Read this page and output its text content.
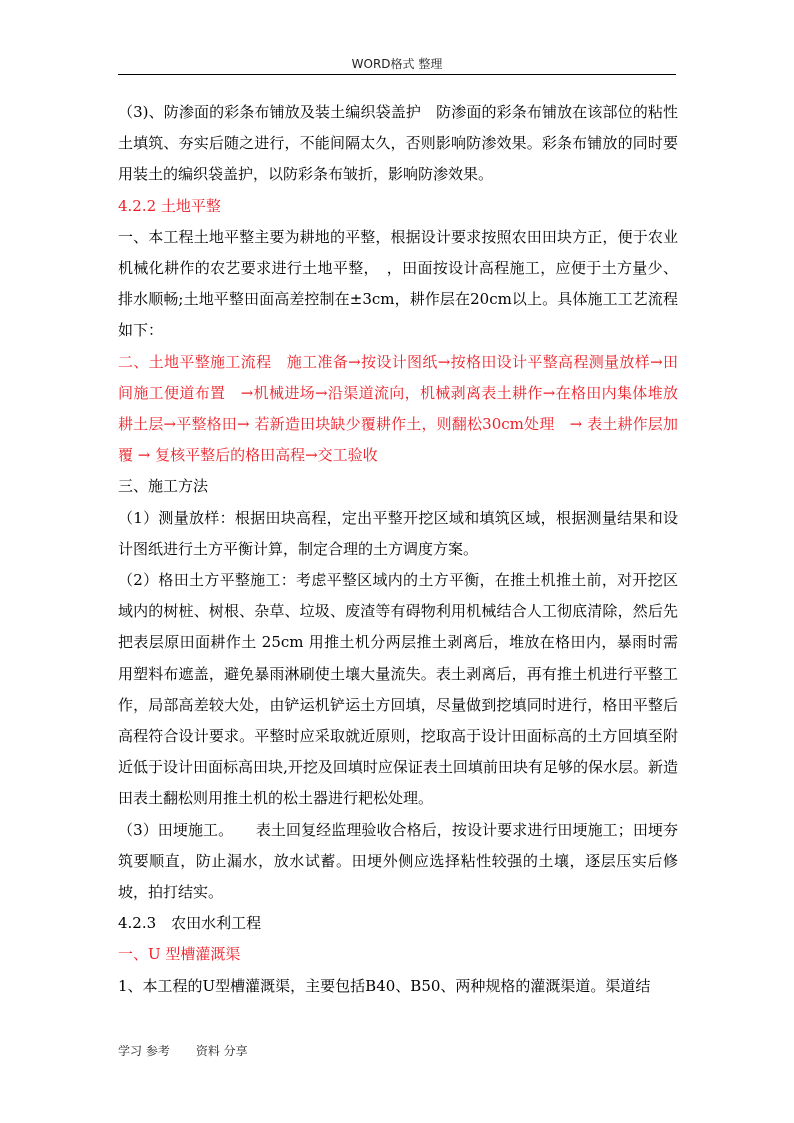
WORD格式 整理

（3)、防渗面的彩条布铺放及装土编织袋盖护　防渗面的彩条布铺放在该部位的粘性土填筑、夯实后随之进行，不能间隔太久，否则影响防渗效果。彩条布铺放的同时要用装土的编织袋盖护，以防彩条布皱折，影响防渗效果。

4.2.2 土地平整

一、本工程土地平整主要为耕地的平整，根据设计要求按照农田田块方正，便于农业机械化耕作的农艺要求进行土地平整，　，田面按设计高程施工，应便于土方量少、排水顺畅;土地平整田面高差控制在±3cm，耕作层在20cm以上。具体施工工艺流程如下：

二、土地平整施工流程　施工准备→按设计图纸→按格田设计平整高程测量放样→田间施工便道布置　→机械进场→沿渠道流向，机械剥离表土耕作→在格田内集体堆放耕土层→平整格田→ 若新造田块缺少覆耕作土，则翻松30cm处理　→ 表土耕作层加覆 → 复核平整后的格田高程→交工验收

三、施工方法

（1）测量放样：根据田块高程，定出平整开挖区域和填筑区域，根据测量结果和设计图纸进行土方平衡计算，制定合理的土方调度方案。

（2）格田土方平整施工：考虑平整区域内的土方平衡，在推土机推土前，对开挖区域内的树桩、树根、杂草、垃圾、废渣等有碍物利用机械结合人工彻底清除，然后先把表层原田面耕作土 25cm 用推土机分两层推土剥离后，堆放在格田内，暴雨时需用塑料布遮盖，避免暴雨淋刷使土壤大量流失。表土剥离后，再有推土机进行平整工作，局部高差较大处，由铲运机铲运土方回填，尽量做到挖填同时进行，格田平整后高程符合设计要求。平整时应采取就近原则，挖取高于设计田面标高的土方回填至附近低于设计田面标高田块,开挖及回填时应保证表土回填前田块有足够的保水层。新造田表土翻松则用推土机的松土器进行耙松处理。

（3）田埂施工。　　表土回复经监理验收合格后，按设计要求进行田埂施工；田埂夯筑要顺直，防止漏水，放水试蓄。田埂外侧应选择粘性较强的土壤，逐层压实后修坡，拍打结实。

4.2.3　农田水利工程

一、U 型槽灌溉渠

1、本工程的U型槽灌溉渠，主要包括B40、B50、两种规格的灌溉渠道。渠道结

学习 参考 资料 分享
